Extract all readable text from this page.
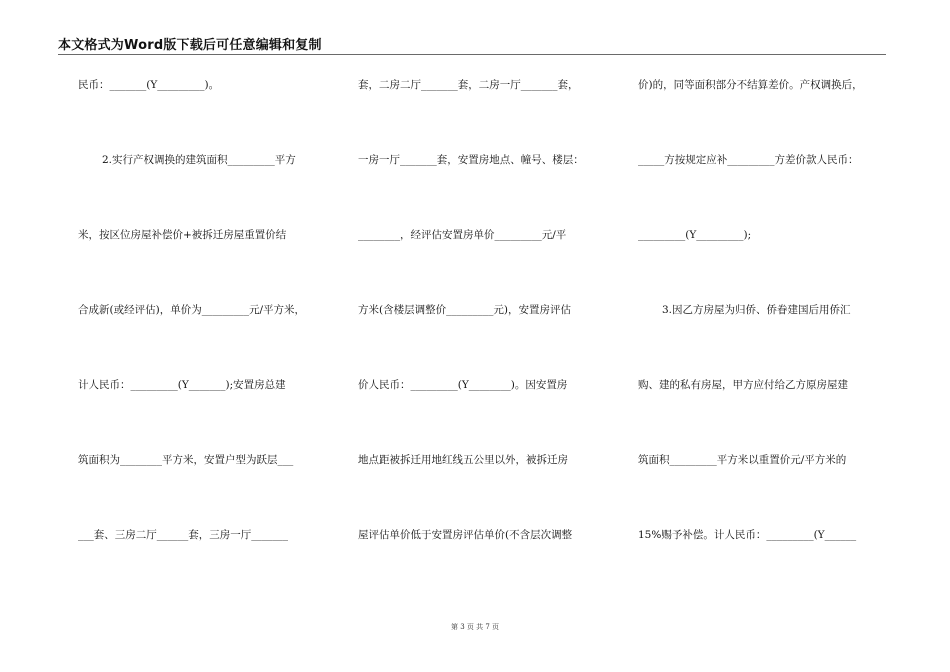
本文格式为Word版下载后可任意编辑和复制
民币：_______(Y_________)。
2.实行产权调换的建筑面积_________平方
米，按区位房屋补偿价+被拆迁房屋重置价结
合成新(或经评估)，单价为_________元/平方米，
计人民币：_________(Y_______);安置房总建
筑面积为________平方米，安置户型为跃层___
___套、三房二厅______套，三房一厅_______
套，二房二厅_______套，二房一厅_______套，
一房一厅_______套，安置房地点、幢号、楼层：
________，经评估安置房单价_________元/平
方米(含楼层调整价_________元)，安置房评估
价人民币：_________(Y________)。因安置房
地点距被拆迁用地红线五公里以外，被拆迁房
屋评估单价低于安置房评估单价(不含层次调整
价)的，同等面积部分不结算差价。产权调换后，
_____方按规定应补_________方差价款人民币：
_________(Y_________);
3.因乙方房屋为归侨、侨眷建国后用侨汇
购、建的私有房屋，甲方应付给乙方原房屋建
筑面积_________平方米以重置价元/平方米的
15%赐予补偿。计人民币：_________(Y______
第 3 页 共 7 页
